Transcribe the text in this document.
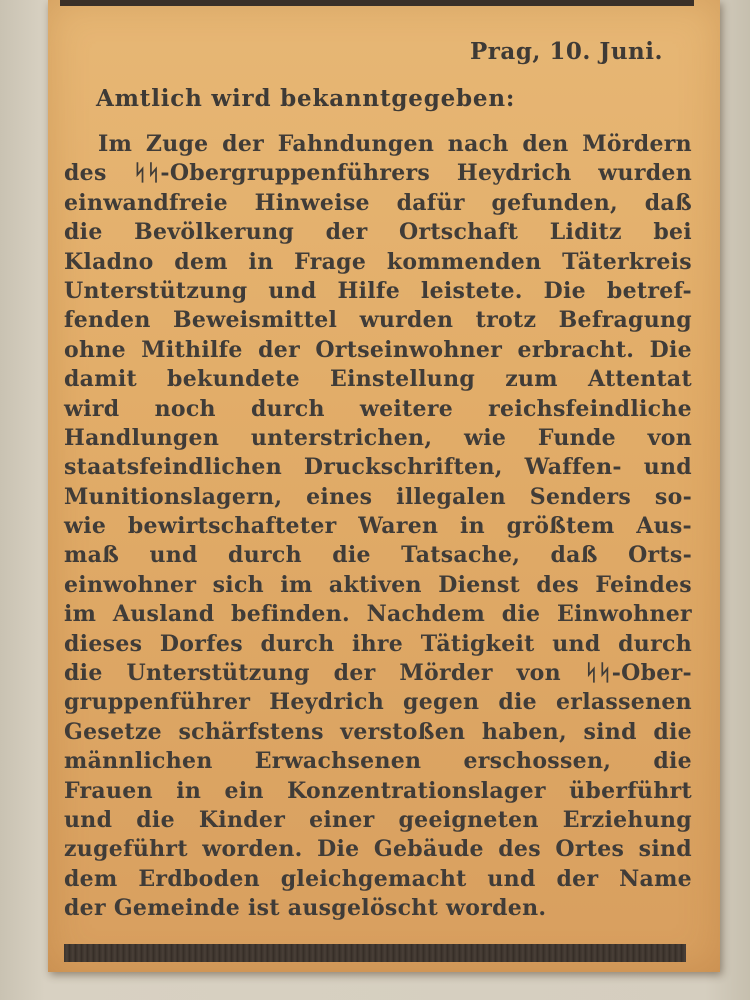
Prag, 10. Juni.
Amtlich wird bekanntgegeben:
Im Zuge der Fahndungen nach den Mördern
des ᛋᛋ-Obergruppenführers Heydrich wurden
einwandfreie Hinweise dafür gefunden, daß
die Bevölkerung der Ortschaft Liditz bei
Kladno dem in Frage kommenden Täterkreis
Unterstützung und Hilfe leistete. Die betref-
fenden Beweismittel wurden trotz Befragung
ohne Mithilfe der Ortseinwohner erbracht. Die
damit bekundete Einstellung zum Attentat
wird noch durch weitere reichsfeindliche
Handlungen unterstrichen, wie Funde von
staatsfeindlichen Druckschriften, Waffen- und
Munitionslagern, eines illegalen Senders so-
wie bewirtschafteter Waren in größtem Aus-
maß und durch die Tatsache, daß Orts-
einwohner sich im aktiven Dienst des Feindes
im Ausland befinden. Nachdem die Einwohner
dieses Dorfes durch ihre Tätigkeit und durch
die Unterstützung der Mörder von ᛋᛋ-Ober-
gruppenführer Heydrich gegen die erlassenen
Gesetze schärfstens verstoßen haben, sind die
männlichen Erwachsenen erschossen, die
Frauen in ein Konzentrationslager überführt
und die Kinder einer geeigneten Erziehung
zugeführt worden. Die Gebäude des Ortes sind
dem Erdboden gleichgemacht und der Name
der Gemeinde ist ausgelöscht worden.
